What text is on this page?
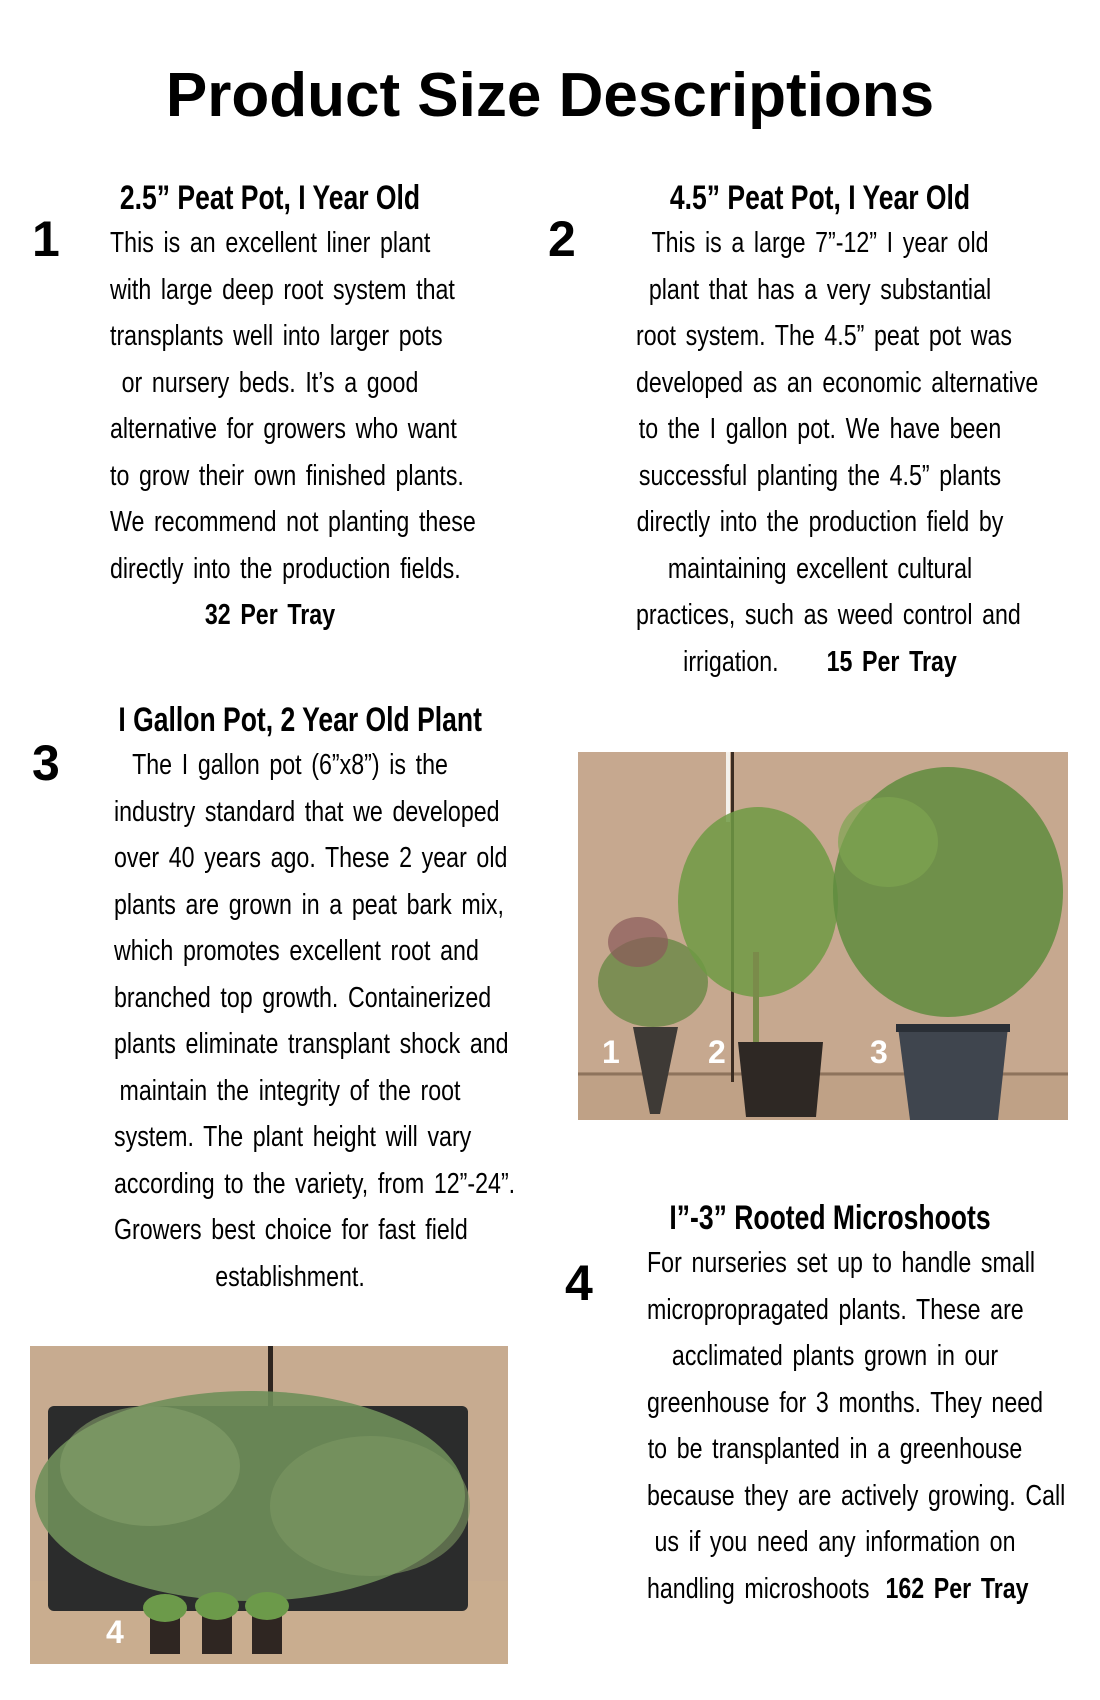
Product Size Descriptions
1
2.5” Peat Pot, I Year Old
This is an excellent liner plant
with large deep root system that
transplants well into larger pots
or nursery beds. It’s a good
alternative for growers who want
to grow their own finished plants.
We recommend not planting these
directly into the production fields.
32 Per Tray
2
4.5” Peat Pot, I Year Old
This is a large 7”-12” I year old
plant that has a very substantial
root system. The 4.5” peat pot was
developed as an economic alternative
to the I gallon pot. We have been
successful planting the 4.5” plants
directly into the production field by
maintaining excellent cultural
practices, such as weed control and
irrigation. 15 Per Tray
3
I Gallon Pot, 2 Year Old Plant
The I gallon pot (6”x8”) is the
industry standard that we developed
over 40 years ago. These 2 year old
plants are grown in a peat bark mix,
which promotes excellent root and
branched top growth. Containerized
plants eliminate transplant shock and
maintain the integrity of the root
system. The plant height will vary
according to the variety, from 12”-24”.
Growers best choice for fast field
establishment.
1	2	3
I”-3” Rooted Microshoots
4 For nurseries set up to handle small
micropropragated plants. These are
acclimated plants grown in our
greenhouse for 3 months. They need
to be transplanted in a greenhouse
because they are actively growing. Call
us if you need any information on
handling microshoots 162 Per Tray
4
